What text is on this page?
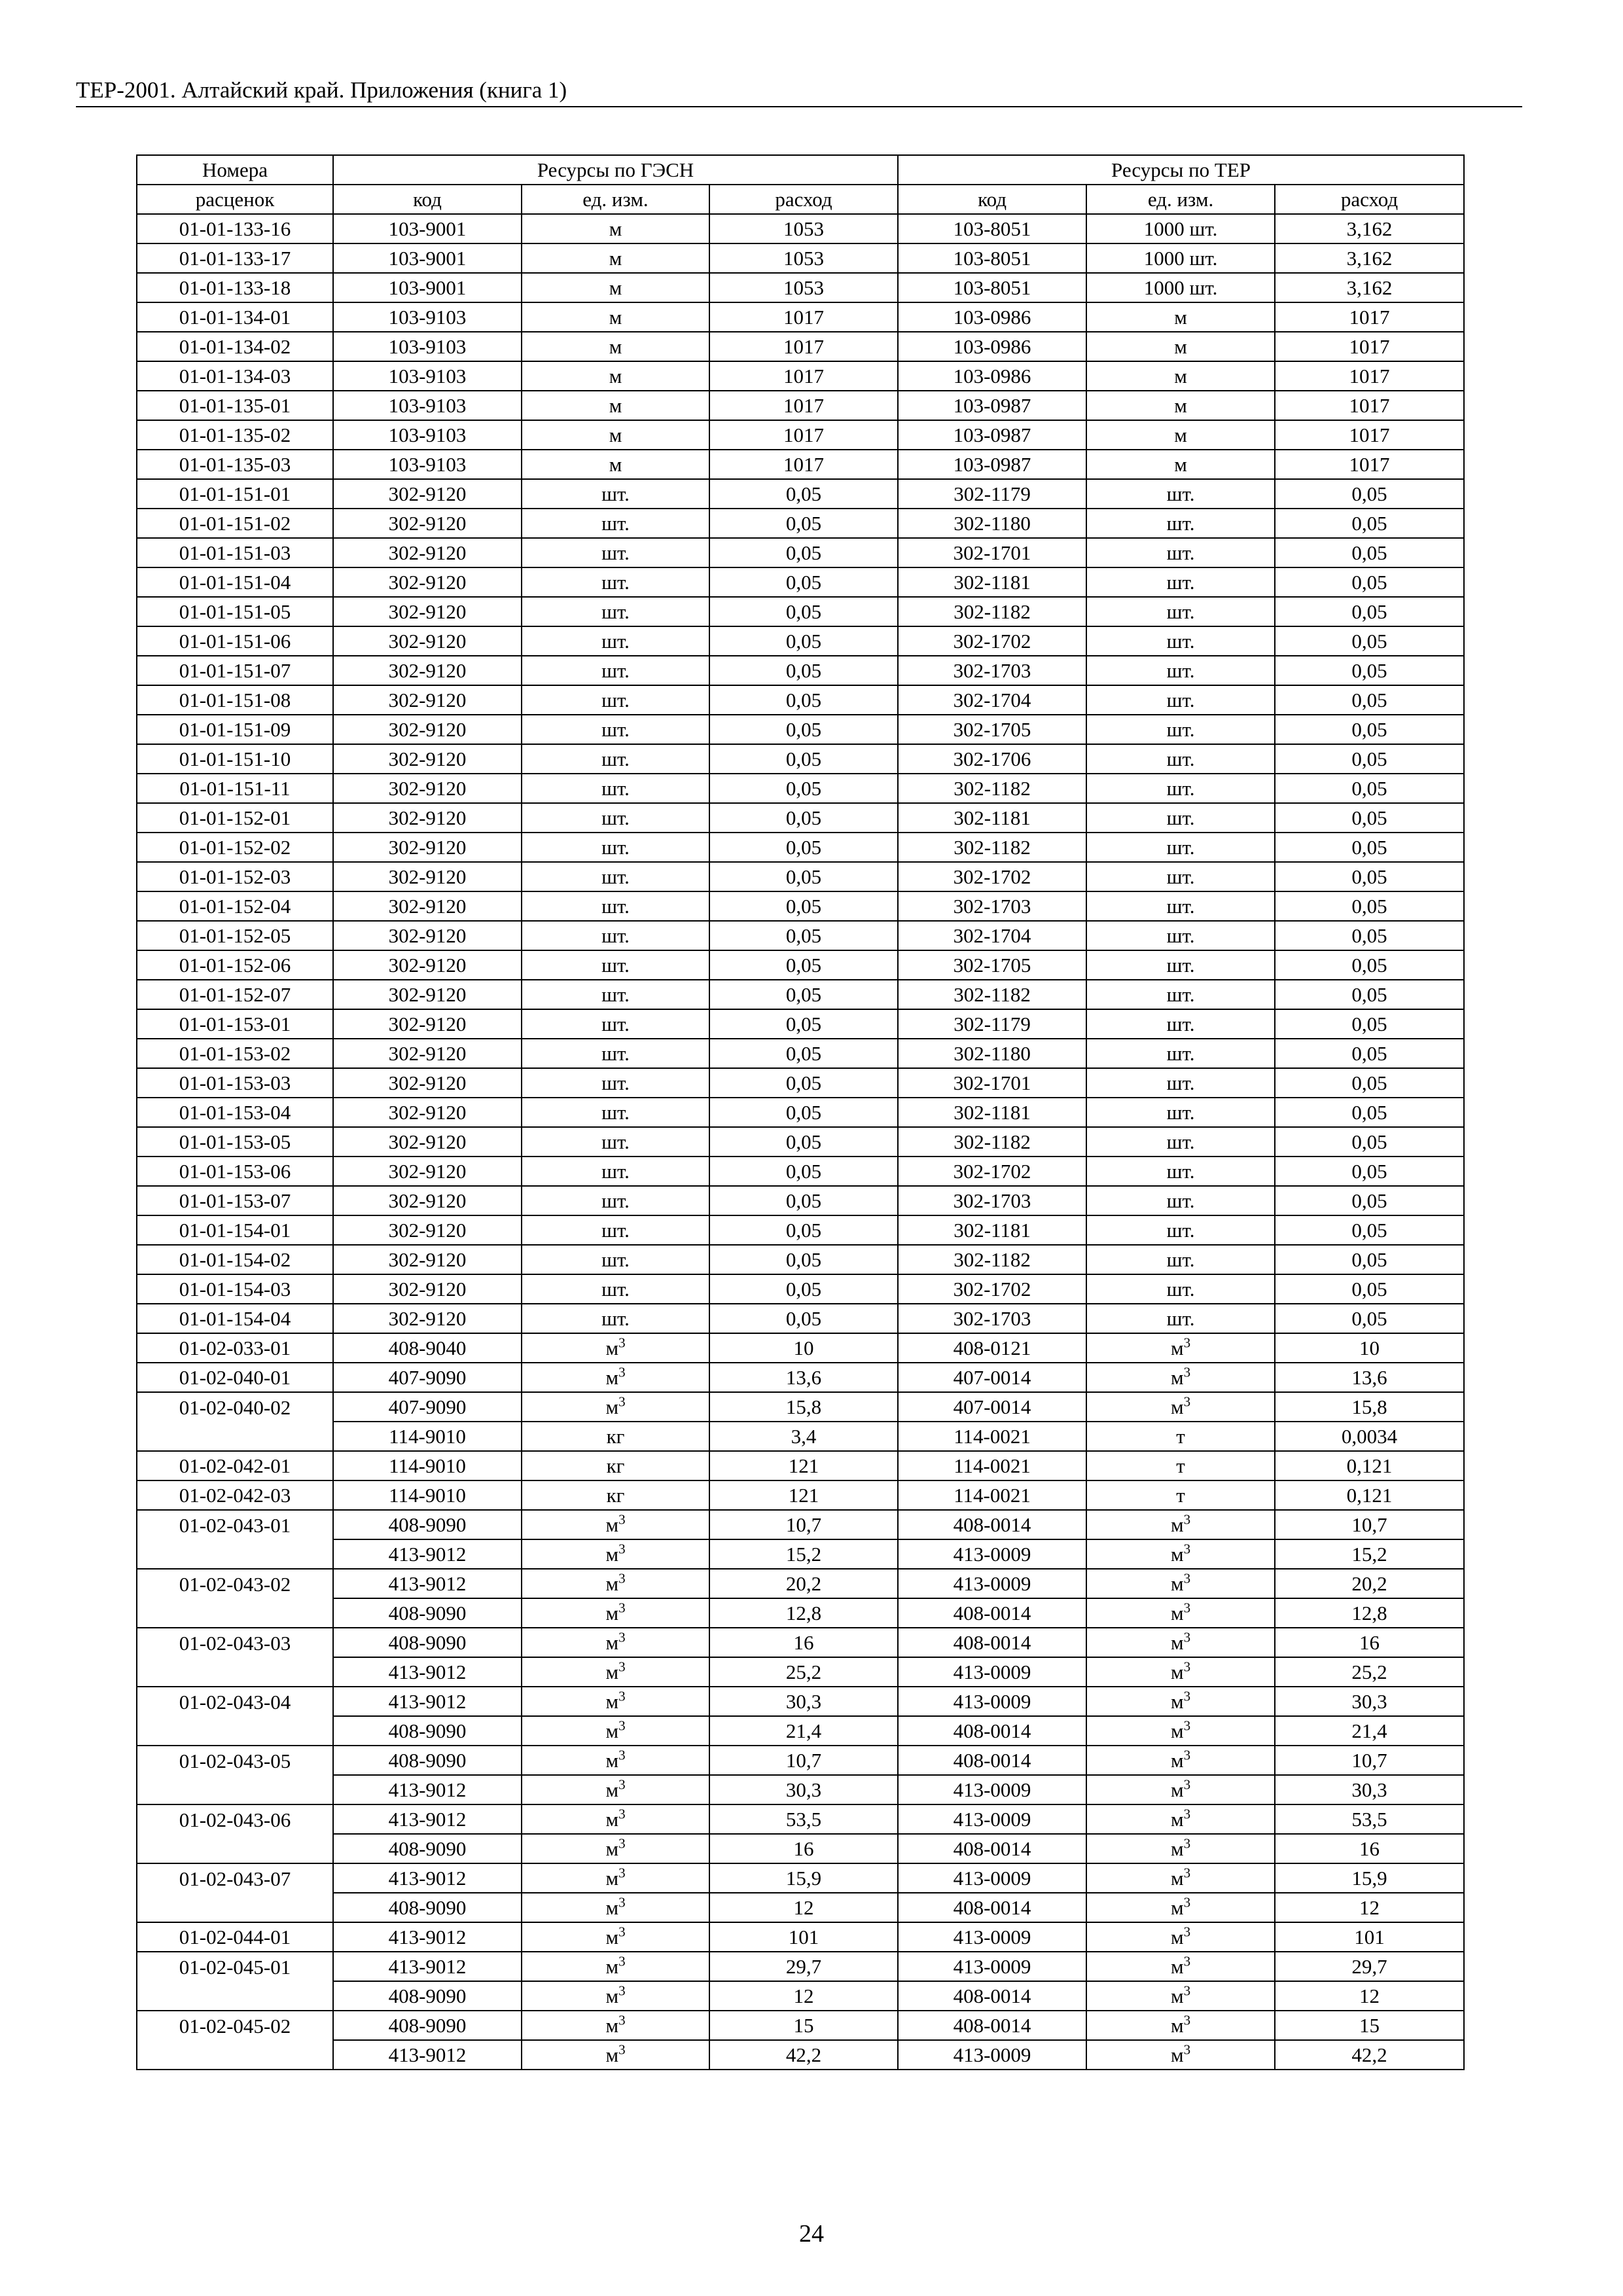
ТЕР-2001. Алтайский край. Приложения (книга 1)
Номера	Ресурсы по ГЭСН			Ресурсы по ТЕР		
расценок	код	ед. изм.	расход	код	ед. изм.	расход
01-01-133-16	103-9001	м	1053	103-8051	1000 шт.	3,162
01-01-133-17	103-9001	м	1053	103-8051	1000 шт.	3,162
01-01-133-18	103-9001	м	1053	103-8051	1000 шт.	3,162
01-01-134-01	103-9103	м	1017	103-0986	м	1017
01-01-134-02	103-9103	м	1017	103-0986	м	1017
01-01-134-03	103-9103	м	1017	103-0986	м	1017
01-01-135-01	103-9103	м	1017	103-0987	м	1017
01-01-135-02	103-9103	м	1017	103-0987	м	1017
01-01-135-03	103-9103	м	1017	103-0987	м	1017
01-01-151-01	302-9120	шт.	0,05	302-1179	шт.	0,05
01-01-151-02	302-9120	шт.	0,05	302-1180	шт.	0,05
01-01-151-03	302-9120	шт.	0,05	302-1701	шт.	0,05
01-01-151-04	302-9120	шт.	0,05	302-1181	шт.	0,05
01-01-151-05	302-9120	шт.	0,05	302-1182	шт.	0,05
01-01-151-06	302-9120	шт.	0,05	302-1702	шт.	0,05
01-01-151-07	302-9120	шт.	0,05	302-1703	шт.	0,05
01-01-151-08	302-9120	шт.	0,05	302-1704	шт.	0,05
01-01-151-09	302-9120	шт.	0,05	302-1705	шт.	0,05
01-01-151-10	302-9120	шт.	0,05	302-1706	шт.	0,05
01-01-151-11	302-9120	шт.	0,05	302-1182	шт.	0,05
01-01-152-01	302-9120	шт.	0,05	302-1181	шт.	0,05
01-01-152-02	302-9120	шт.	0,05	302-1182	шт.	0,05
01-01-152-03	302-9120	шт.	0,05	302-1702	шт.	0,05
01-01-152-04	302-9120	шт.	0,05	302-1703	шт.	0,05
01-01-152-05	302-9120	шт.	0,05	302-1704	шт.	0,05
01-01-152-06	302-9120	шт.	0,05	302-1705	шт.	0,05
01-01-152-07	302-9120	шт.	0,05	302-1182	шт.	0,05
01-01-153-01	302-9120	шт.	0,05	302-1179	шт.	0,05
01-01-153-02	302-9120	шт.	0,05	302-1180	шт.	0,05
01-01-153-03	302-9120	шт.	0,05	302-1701	шт.	0,05
01-01-153-04	302-9120	шт.	0,05	302-1181	шт.	0,05
01-01-153-05	302-9120	шт.	0,05	302-1182	шт.	0,05
01-01-153-06	302-9120	шт.	0,05	302-1702	шт.	0,05
01-01-153-07	302-9120	шт.	0,05	302-1703	шт.	0,05
01-01-154-01	302-9120	шт.	0,05	302-1181	шт.	0,05
01-01-154-02	302-9120	шт.	0,05	302-1182	шт.	0,05
01-01-154-03	302-9120	шт.	0,05	302-1702	шт.	0,05
01-01-154-04	302-9120	шт.	0,05	302-1703	шт.	0,05
01-02-033-01	408-9040	$м^3$	10	408-0121	$м^3$	10
01-02-040-01	407-9090	$м^3$	13,6	407-0014	$м^3$	13,6
01-02-040-02	407-9090	$м^3$	15,8	407-0014	$м^3$	15,8
	114-9010	кг	3,4	114-0021	т	0,0034
01-02-042-01	114-9010	кг	121	114-0021	т	0,121
01-02-042-03	114-9010	кг	121	114-0021	т	0,121
01-02-043-01	408-9090	$м^3$	10,7	408-0014	$м^3$	10,7
	413-9012	$м^3$	15,2	413-0009	$м^3$	15,2
01-02-043-02	413-9012	$м^3$	20,2	413-0009	$м^3$	20,2
	408-9090	$м^3$	12,8	408-0014	$м^3$	12,8
01-02-043-03	408-9090	$м^3$	16	408-0014	$м^3$	16
	413-9012	$м^3$	25,2	413-0009	$м^3$	25,2
01-02-043-04	413-9012	$м^3$	30,3	413-0009	$м^3$	30,3
	408-9090	$м^3$	21,4	408-0014	$м^3$	21,4
01-02-043-05	408-9090	$м^3$	10,7	408-0014	$м^3$	10,7
	413-9012	$м^3$	30,3	413-0009	$м^3$	30,3
01-02-043-06	413-9012	$м^3$	53,5	413-0009	$м^3$	53,5
	408-9090	$м^3$	16	408-0014	$м^3$	16
01-02-043-07	413-9012	$м^3$	15,9	413-0009	$м^3$	15,9
	408-9090	$м^3$	12	408-0014	$м^3$	12
01-02-044-01	413-9012	$м^3$	101	413-0009	$м^3$	101
01-02-045-01	413-9012	$м^3$	29,7	413-0009	$м^3$	29,7
	408-9090	$м^3$	12	408-0014	$м^3$	12
01-02-045-02	408-9090	$м^3$	15	408-0014	$м^3$	15
	413-9012	$м^3$	42,2	413-0009	$м^3$	42,2
24
